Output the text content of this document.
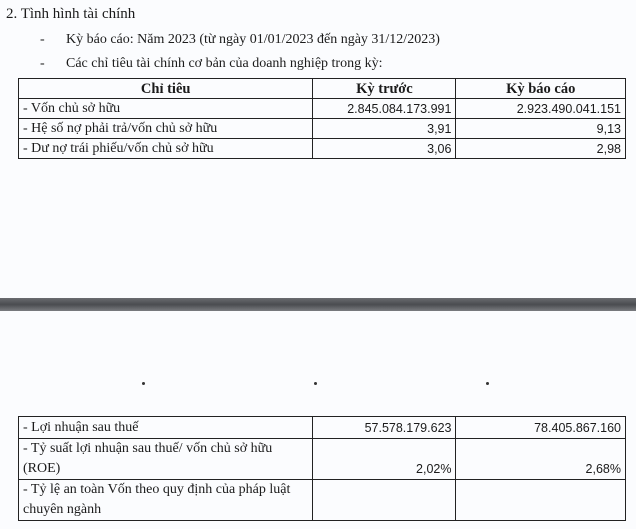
2. Tình hình tài chính
- Kỳ báo cáo: Năm 2023 (từ ngày 01/01/2023 đến ngày 31/12/2023)
- Các chỉ tiêu tài chính cơ bản của doanh nghiệp trong kỳ:
Chỉ tiêu	Kỳ trước	Kỳ báo cáo
- Vốn chủ sở hữu	2.845.084.173.991	2.923.490.041.151
- Hệ số nợ phải trả/vốn chủ sở hữu	3,91	9,13
- Dư nợ trái phiếu/vốn chủ sở hữu	3,06	2,98
- Lợi nhuận sau thuế	57.578.179.623	78.405.867.160
- Tỷ suất lợi nhuận sau thuế/ vốn chủ sở hữu (ROE)	2,02%	2,68%
- Tỷ lệ an toàn Vốn theo quy định của pháp luật chuyên ngành		
